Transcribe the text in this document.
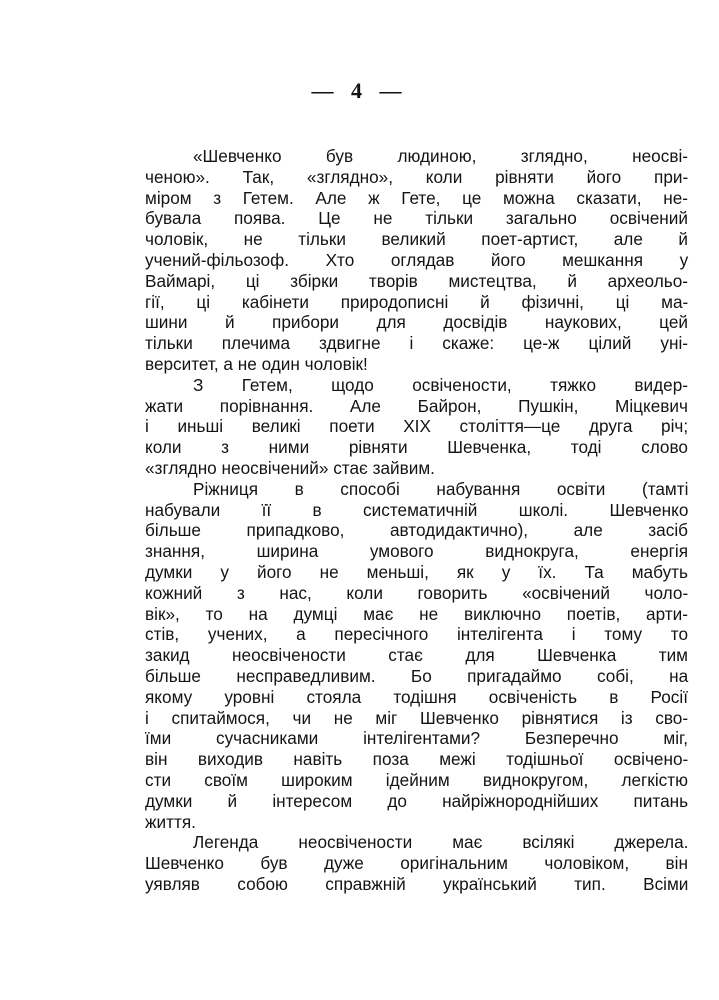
— 4 —
«Шевченко був людиною, зглядно, неосві-
ченою». Так, «зглядно», коли рівняти його при-
міром з Гетем. Але ж Гете, це можна сказати, не-
бувала поява. Це не тільки загально освічений
чоловік, не тільки великий поет-артист, але й
учений-фільозоф. Хто оглядав його мешкання у
Ваймарі, ці збірки творів мистецтва, й археольо-
гії, ці кабінети природописні й фізичні, ці ма-
шини й прибори для досвідів наукових, цей
тільки плечима здвигне і скаже: це-ж цілий уні-
верситет, а не один чоловік!
З Гетем, щодо освічености, тяжко видер-
жати порівнання. Але Байрон, Пушкін, Міцкевич
і иньші великі поети XIX століття—це друга річ;
коли з ними рівняти Шевченка, тоді слово
«зглядно неосвічений» стає зайвим.
Ріжниця в способі набування освіти (тамті
набували її в систематичній школі. Шевченко
більше припадково, автодидактично), але засіб
знання, ширина умового виднокруга, енергія
думки у його не меньші, як у їх. Та мабуть
кожний з нас, коли говорить «освічений чоло-
вік», то на думці має не виключно поетів, арти-
стів, учених, а пересічного інтелігента і тому то
закид неосвічености стає для Шевченка тим
більше несправедливим. Бо пригадаймо собі, на
якому уровні стояла тодішня освіченість в Росії
і спитаймося, чи не міг Шевченко рівнятися із сво-
їми сучасниками інтелігентами? Безперечно міг,
він виходив навіть поза межі тодішньої освічено-
сти своїм широким ідейним виднокругом, легкістю
думки й інтересом до найріжнороднійших питань
життя.
Легенда неосвічености має всілякі джерела.
Шевченко був дуже оригінальним чоловіком, він
уявляв собою справжній український тип. Всіми
